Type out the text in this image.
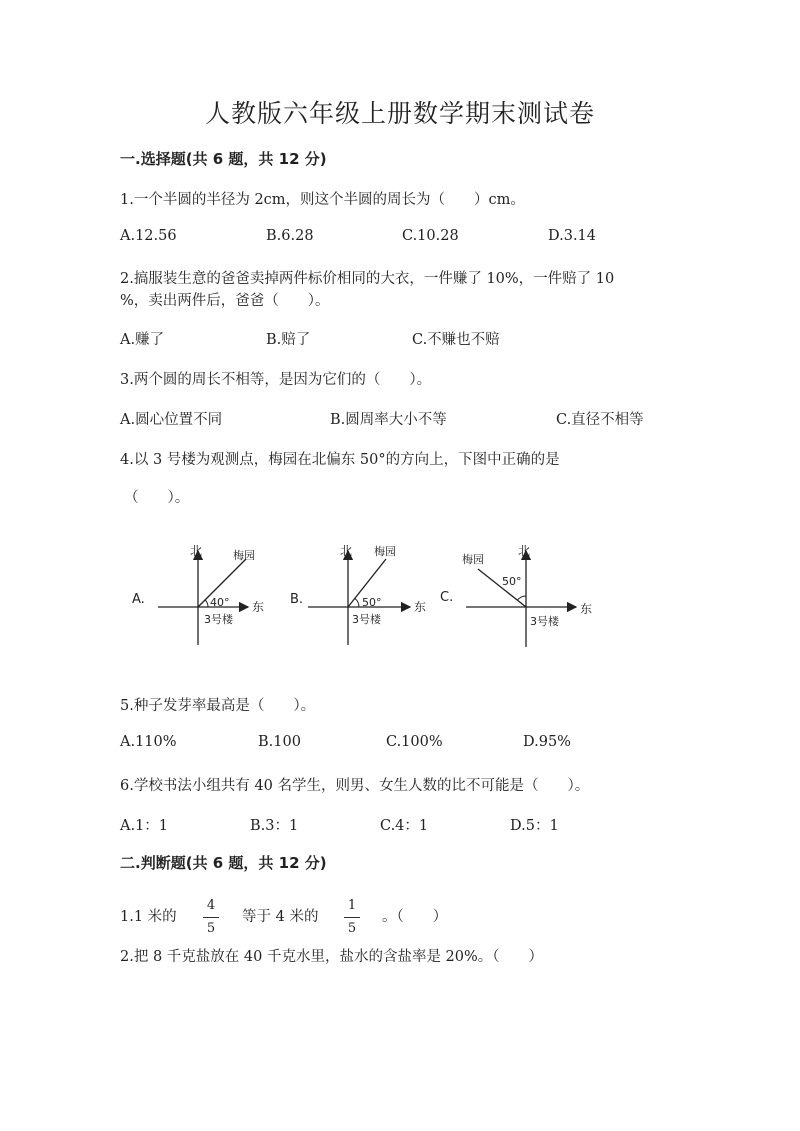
人教版六年级上册数学期末测试卷
一.选择题(共 6 题，共 12 分)
1.一个半圆的半径为 2cm，则这个半圆的周长为（　　）cm。
A.12.56	B.6.28	C.10.28	D.3.14
2.搞服装生意的爸爸卖掉两件标价相同的大衣，一件赚了 10%，一件赔了 10
%，卖出两件后，爸爸（　　）。
A.赚了	B.赔了	C.不赚也不赔
3.两个圆的周长不相等，是因为它们的（　　）。
A.圆心位置不同	B.圆周率大小不等	C.直径不相等
4.以 3 号楼为观测点，梅园在北偏东 50°的方向上，下图中正确的是
（　　）。
A.
北	梅园
40° 东
3号楼
B.
北 梅园
50°	东
3号楼
C.
北
梅园
50°
东
3号楼
5.种子发芽率最高是（　　）。
A.110%	B.100	C.100%	D.95%
6.学校书法小组共有 40 名学生，则男、女生人数的比不可能是（　　）。
A.1：1	B.3：1	C.4：1	D.5：1
二.判断题(共 6 题，共 12 分)
1.1 米的
4
5
等于 4 米的
1
5
。（　　）
2.把 8 千克盐放在 40 千克水里，盐水的含盐率是 20%。（　　）
